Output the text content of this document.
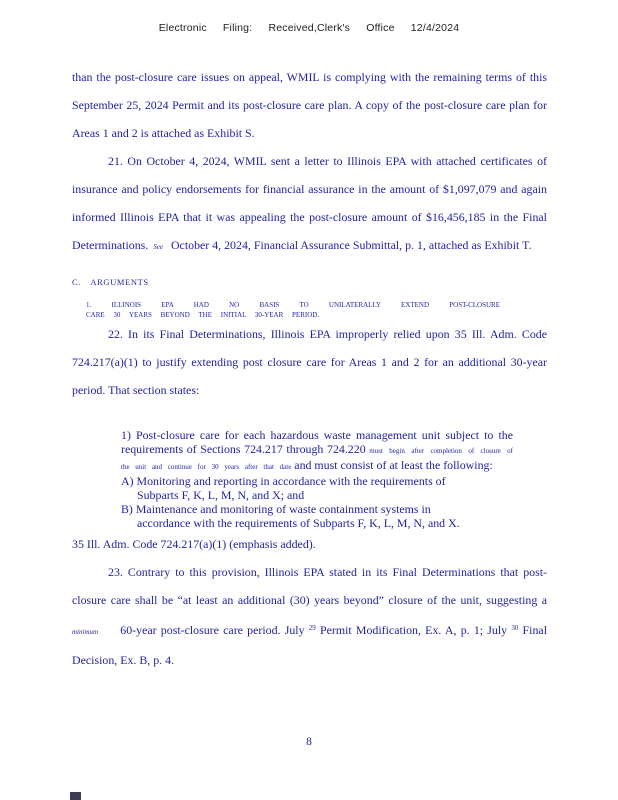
Electronic Filing: Received,Clerk's Office 12/4/2024

than the post-closure care issues on appeal, WMIL is complying with the remaining terms of this September 25, 2024 Permit and its post-closure care plan. A copy of the post-closure care plan for Areas 1 and 2 is attached as Exhibit S.

21. On October 4, 2024, WMIL sent a letter to Illinois EPA with attached certificates of insurance and policy endorsements for financial assurance in the amount of $1,097,079 and again informed Illinois EPA that it was appealing the post-closure amount of $16,456,185 in the Final Determinations. See October 4, 2024, Financial Assurance Submittal, p. 1, attached as Exhibit T.

C. ARGUMENTS
1. ILLINOIS EPA HAD NO BASIS TO UNILATERALLY EXTEND POST-CLOSURE
CARE 30 YEARS BEYOND THE INITIAL 30-YEAR PERIOD.

22. In its Final Determinations, Illinois EPA improperly relied upon 35 Ill. Adm. Code 724.217(a)(1) to justify extending post closure care for Areas 1 and 2 for an additional 30-year period. That section states:

1) Post-closure care for each hazardous waste management unit subject to the requirements of Sections 724.217 through 724.220 must begin after completion of closure of the unit and continue for 30 years after that date and must consist of at least the following:

A) Monitoring and reporting in accordance with the requirements of Subparts F, K, L, M, N, and X; and

B) Maintenance and monitoring of waste containment systems in accordance with the requirements of Subparts F, K, L, M, N, and X.

35 Ill. Adm. Code 724.217(a)(1) (emphasis added).

23. Contrary to this provision, Illinois EPA stated in its Final Determinations that post-closure care shall be “at least an additional (30) years beyond” closure of the unit, suggesting a minimum 60-year post-closure care period. July $^{29}$ Permit Modification, Ex. A, p. 1; July $^{30}$ Final Decision, Ex. B, p. 4.

8
